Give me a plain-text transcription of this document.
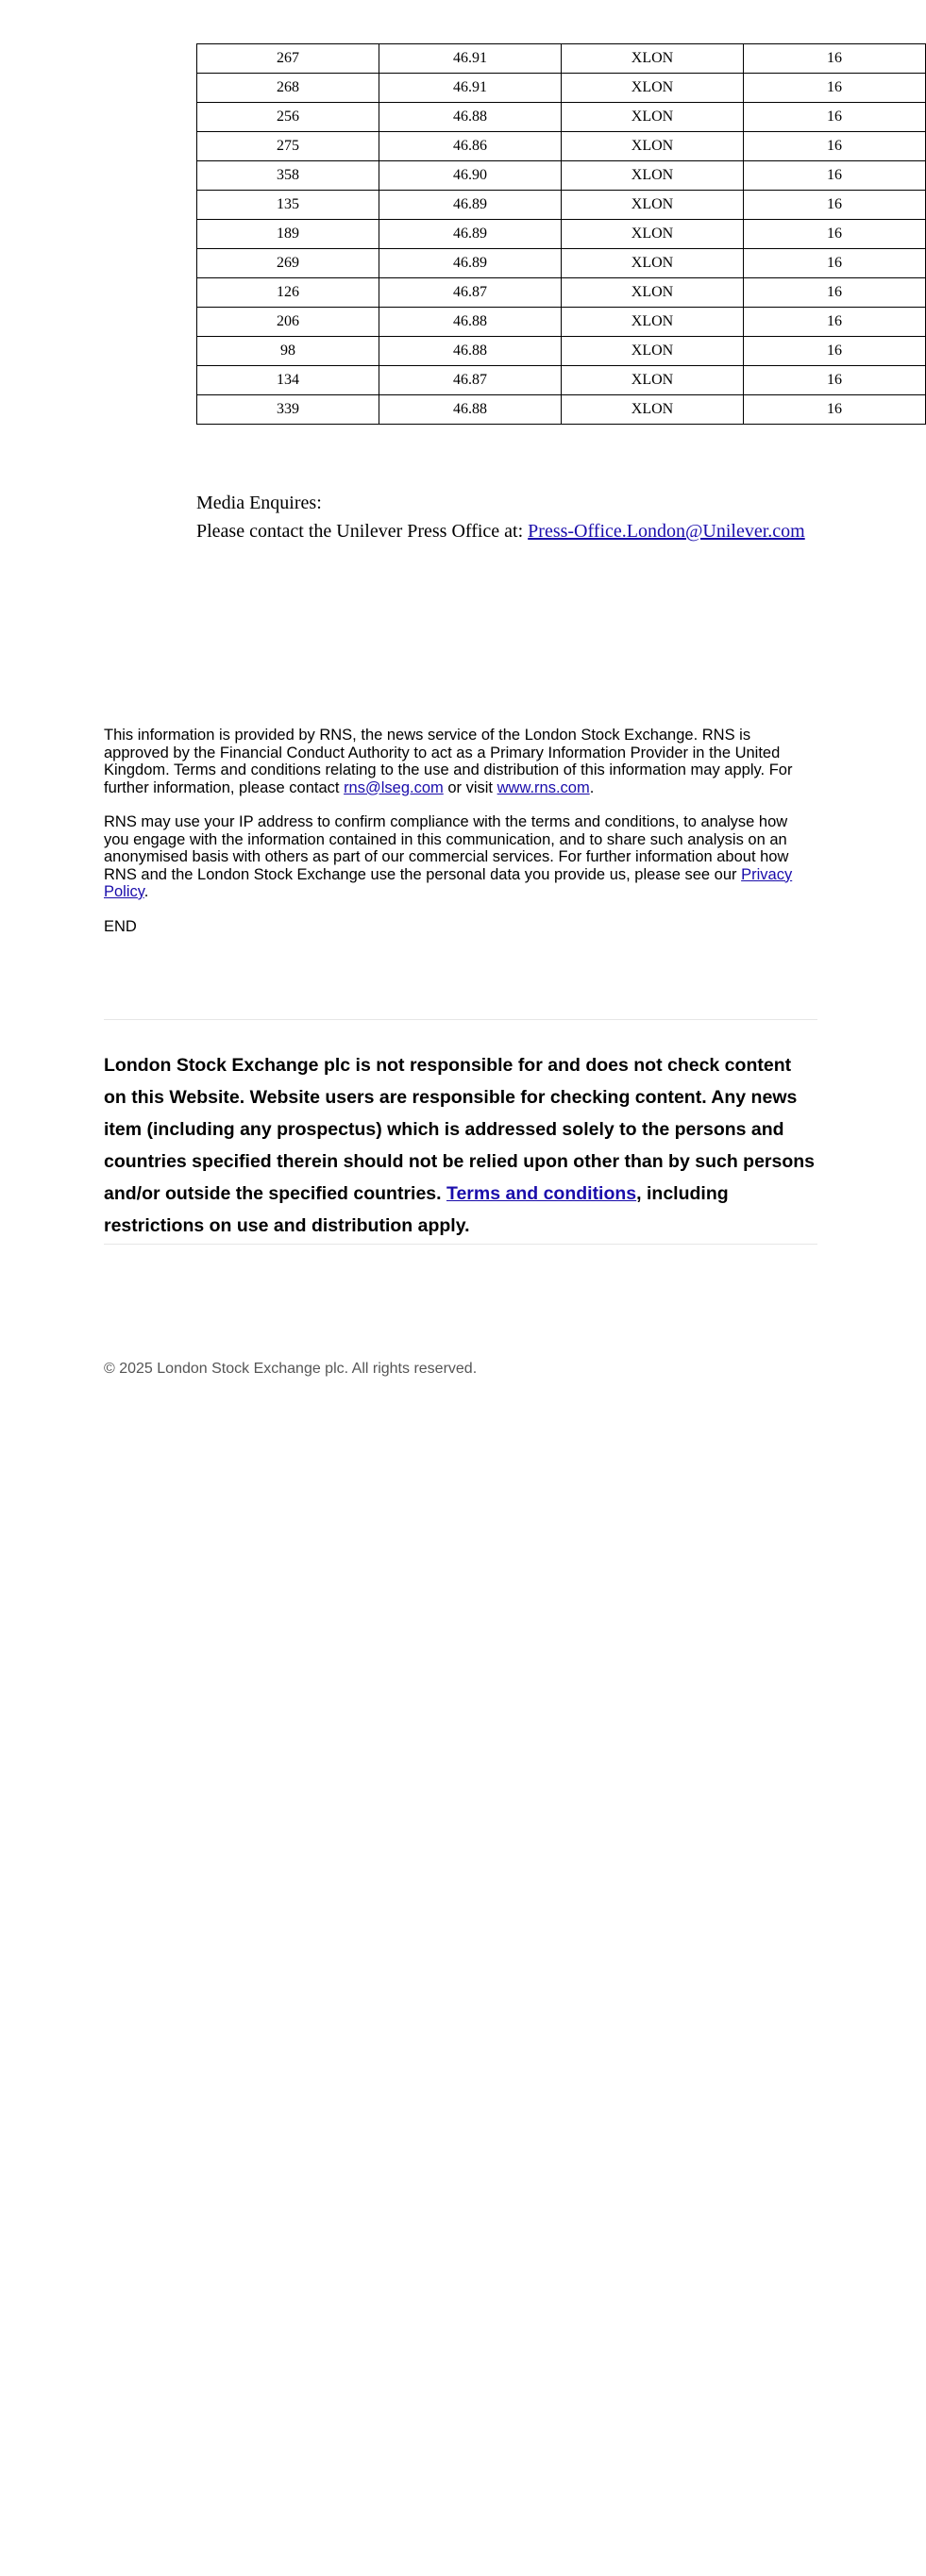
267	46.91	XLON	16
268	46.91	XLON	16
256	46.88	XLON	16
275	46.86	XLON	16
358	46.90	XLON	16
135	46.89	XLON	16
189	46.89	XLON	16
269	46.89	XLON	16
126	46.87	XLON	16
206	46.88	XLON	16
98	46.88	XLON	16
134	46.87	XLON	16
339	46.88	XLON	16
Media Enquires:
Please contact the Unilever Press Office at: Press-Office.London@Unilever.com

This information is provided by RNS, the news service of the London Stock Exchange. RNS is approved by the Financial Conduct Authority to act as a Primary Information Provider in the United Kingdom. Terms and conditions relating to the use and distribution of this information may apply. For further information, please contact rns@lseg.com or visit www.rns.com.

RNS may use your IP address to confirm compliance with the terms and conditions, to analyse how you engage with the information contained in this communication, and to share such analysis on an anonymised basis with others as part of our commercial services. For further information about how RNS and the London Stock Exchange use the personal data you provide us, please see our Privacy Policy.

END

London Stock Exchange plc is not responsible for and does not check content on this Website. Website users are responsible for checking content. Any news item (including any prospectus) which is addressed solely to the persons and countries specified therein should not be relied upon other than by such persons and/or outside the specified countries. Terms and conditions, including restrictions on use and distribution apply.
© 2025 London Stock Exchange plc. All rights reserved.
